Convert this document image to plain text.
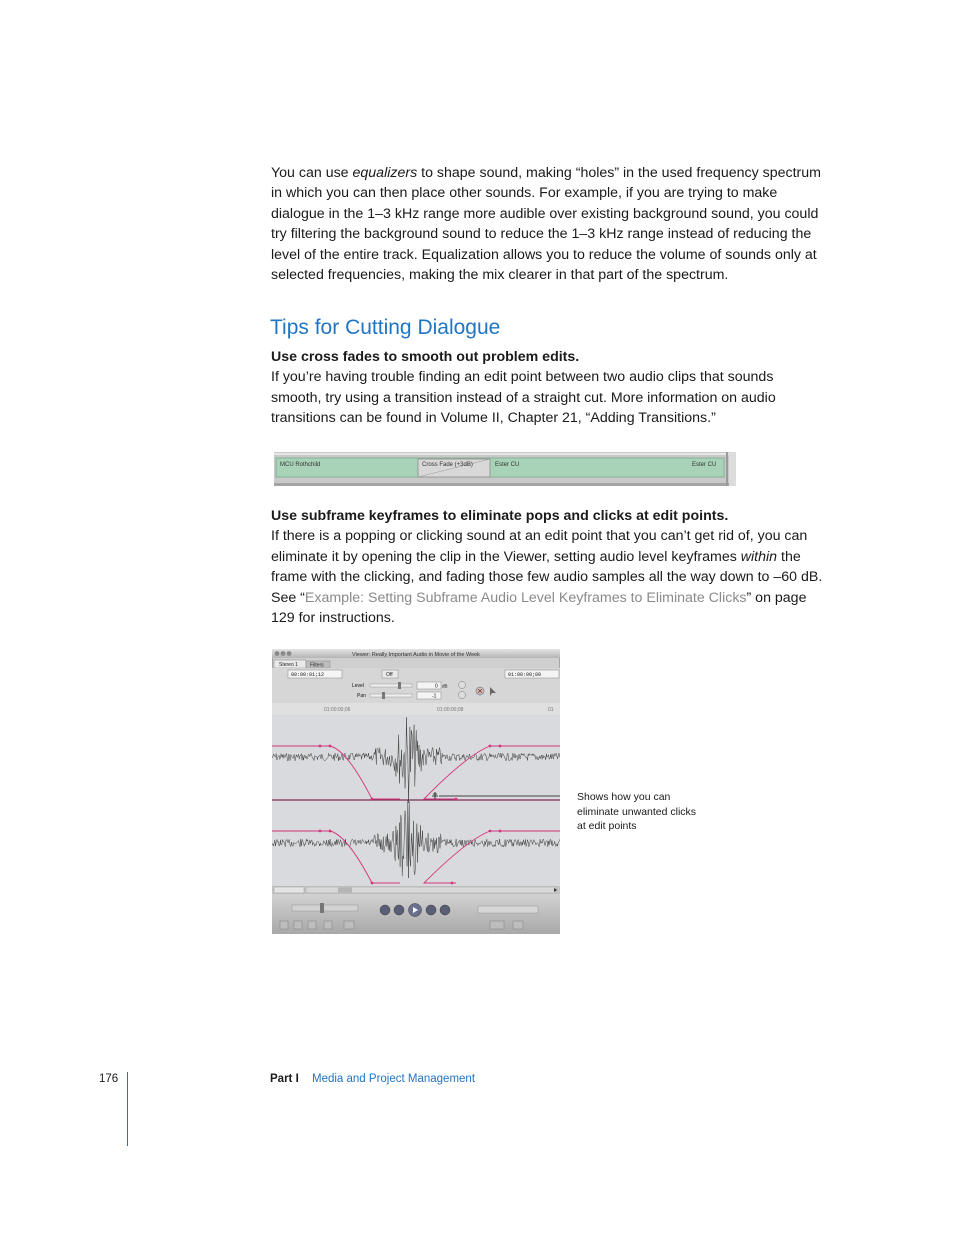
You can use equalizers to shape sound, making “holes” in the used frequency spectrum in which you can then place other sounds. For example, if you are trying to make dialogue in the 1–3 kHz range more audible over existing background sound, you could try filtering the background sound to reduce the 1–3 kHz range instead of reducing the level of the entire track. Equalization allows you to reduce the volume of sounds only at selected frequencies, making the mix clearer in that part of the spectrum.

Tips for Cutting Dialogue

Use cross fades to smooth out problem edits.
If you’re having trouble finding an edit point between two audio clips that sounds smooth, try using a transition instead of a straight cut. More information on audio transitions can be found in Volume II, Chapter 21, “Adding Transitions.”

MCU Rothchild	Cross Fade (+3dB)	Ester CU	Ester CU

Use subframe keyframes to eliminate pops and clicks at edit points.
If there is a popping or clicking sound at an edit point that you can’t get rid of, you can eliminate it by opening the clip in the Viewer, setting audio level keyframes within the frame with the clicking, and fading those few audio samples all the way down to –60 dB. See “Example: Setting Subframe Audio Level Keyframes to Eliminate Clicks” on page 129 for instructions.

Viewer: Really Important Audio in Movie of the Week
Stereo 1 Filters
00:00:01;12	Off	01:00:00;00
Level	0 dB
Pan	-1
01:00:00;06	01:00:00;08	01

Shows how you can eliminate unwanted clicks at edit points

176	Part I Media and Project Management
